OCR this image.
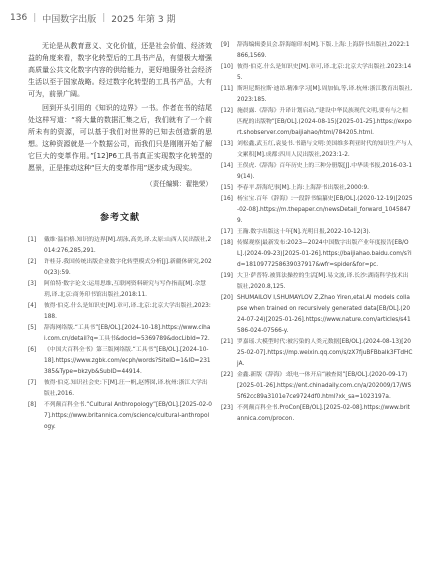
136 | 中国数字出版 | 2025 年第 3 期

无论是从教育意义、文化价值，还是社会价值、经济效益的角度来看，数字化转型后的工具书产品，有望极大增强高质量公共文化数字内容的供给能力，更好地服务社会经济生活以至于国家战略。经过数字化转型的工具书产品，大有可为，前景广阔。

回到开头引用的《知识的边界》一书。作者在书的结尾处这样写道：“将大量的数据汇集之后，我们就有了一个前所未有的资源，可以基于我们对世界的已知去创造新的思想。这种资源就是一个数据公司，而我们只是刚刚开始了解它巨大的变革作用。”[12]P6工具书真正实现数字化转型的愿景，正是推动这种“巨大的变革作用”逐步成为现实。

（责任编辑：翟艳荣）
参考文献
[1]	戴维·温伯格.知识的边界[M].胡泳,高美,译.太原:山西人民出版社,2014:276,285,291.
[2]	许桂芬.我国传统出版企业数字化转型模式分析[J].新疆休研究,2020(23):59.
[3]	阿伯特·数字论文:运用思维,互联网资料研究与写作指南[M].佘慧玥,译.北京:商务印书馆出版社,2018:11.
[4]	彼得·伯克.什么是知识史[M].章可,译.北京:北京大学出版社,2023:188.
[5]	辞海网络版.“工具书”[EB/OL].[2024-10-18].https://www.cihai.com.cn/detail?q=工具书&docId=5369789&docLibId=72.
[6]	《中国大百科全书》第三版网络版.“工具书”[EB/OL].[2024-10-18].https://www.zgbk.com/ecph/words?SiteID=1&ID=231385&Type=bkzyb&SubID=44914.
[7]	彼得·伯克.知识社会史:下[M].汪一帆,赵博囡,译.杭州:浙江大学出版社,2016.
[8]	不列颠百科全书.“Cultural Anthropology”[EB/OL].[2025-02-07].https://www.britannica.com/science/cultural-anthropology.
[9]	辞海编辑委员会.辞海缩印本[M].下版.上海:上海辞书出版社,2022:1866,1569.
[10] 彼得·伯克.什么是知识史[M].章可,译.北京:北京大学出版社.2023:145.
[11] 斯坦尼斯拉斯·迪昂.精准学习[M].周加仙,等,译.杭州:浙江教育出版社,2023:185.
[12] 施晨露.《辞海》升译计划启动,“建设中华民族现代文明,要有与之相匹配的出版物”[EB/OL].(2024-08-15)[2025-01-25].https://export.shobserver.com/baijiahao/html/784205.html.
[13] 刘松鑫,武玉红,袁曼书.书籍与文明:美国维多利亚时代的知识生产与人文累积[M].成都:四川人民出版社,2023:1-2.
[14] 王俣虎.《辞海》百年历史上的三种分册版[J].中华读书报,2016-03-19(14).
[15] 李春平.辞海纪事[M].上海:上海辞书出版社,2000:9.
[16] 杨宝宝.百年《辞海》:一段辞书编纂史[EB/OL].(2020-12-19)[2025-02-08].https://m.thepaper.cn/newsDetail_forward_10458479.
[17] 王瀚.数字出版这十年[N].光明日报,2022-10-12(3).
[18] 传媒观察|最新发布:2023—2024中国数字出版产业年度报告[EB/OL].(2024-09-23)[2025-01-26].https://baijiahao.baidu.com/s?id=1810977258639037917&wfr=spider&for=pc.
[19] 大卫·萨普特.被算法操控的生活[M].易文波,译.长沙:湖南科学技术出版社,2020.8,125.
[20] SHUMAILOV I,SHUMAYLOV Z,Zhao Yiren,etal.AI models collapse when trained on recursively generated data[EB/OL].(2024-07-24)[2025-01-26].https://www.nature.com/articles/s41586-024-07566-y.
[21] 罗嘉瑶.大模型时代:被污染的人类元数据[EB/OL].(2024-08-13)[2025-02-07].https://mp.weixin.qq.com/s/zX7fjuBFBbalk3FTdHCjA.
[22] 金鑫.新版《辞海》:纸电一体开启“融查阅”[EB/OL].(2020-09-17)[2025-01-26].https://ent.chinadaily.com.cn/a/202009/17/WS5f62cc89a3101e7ce9724df0.html?xk_sa=1023197a.
[23] 不列颠百科全书.ProCon[EB/OL].[2025-02-08].https://www.britannica.com/procon.
